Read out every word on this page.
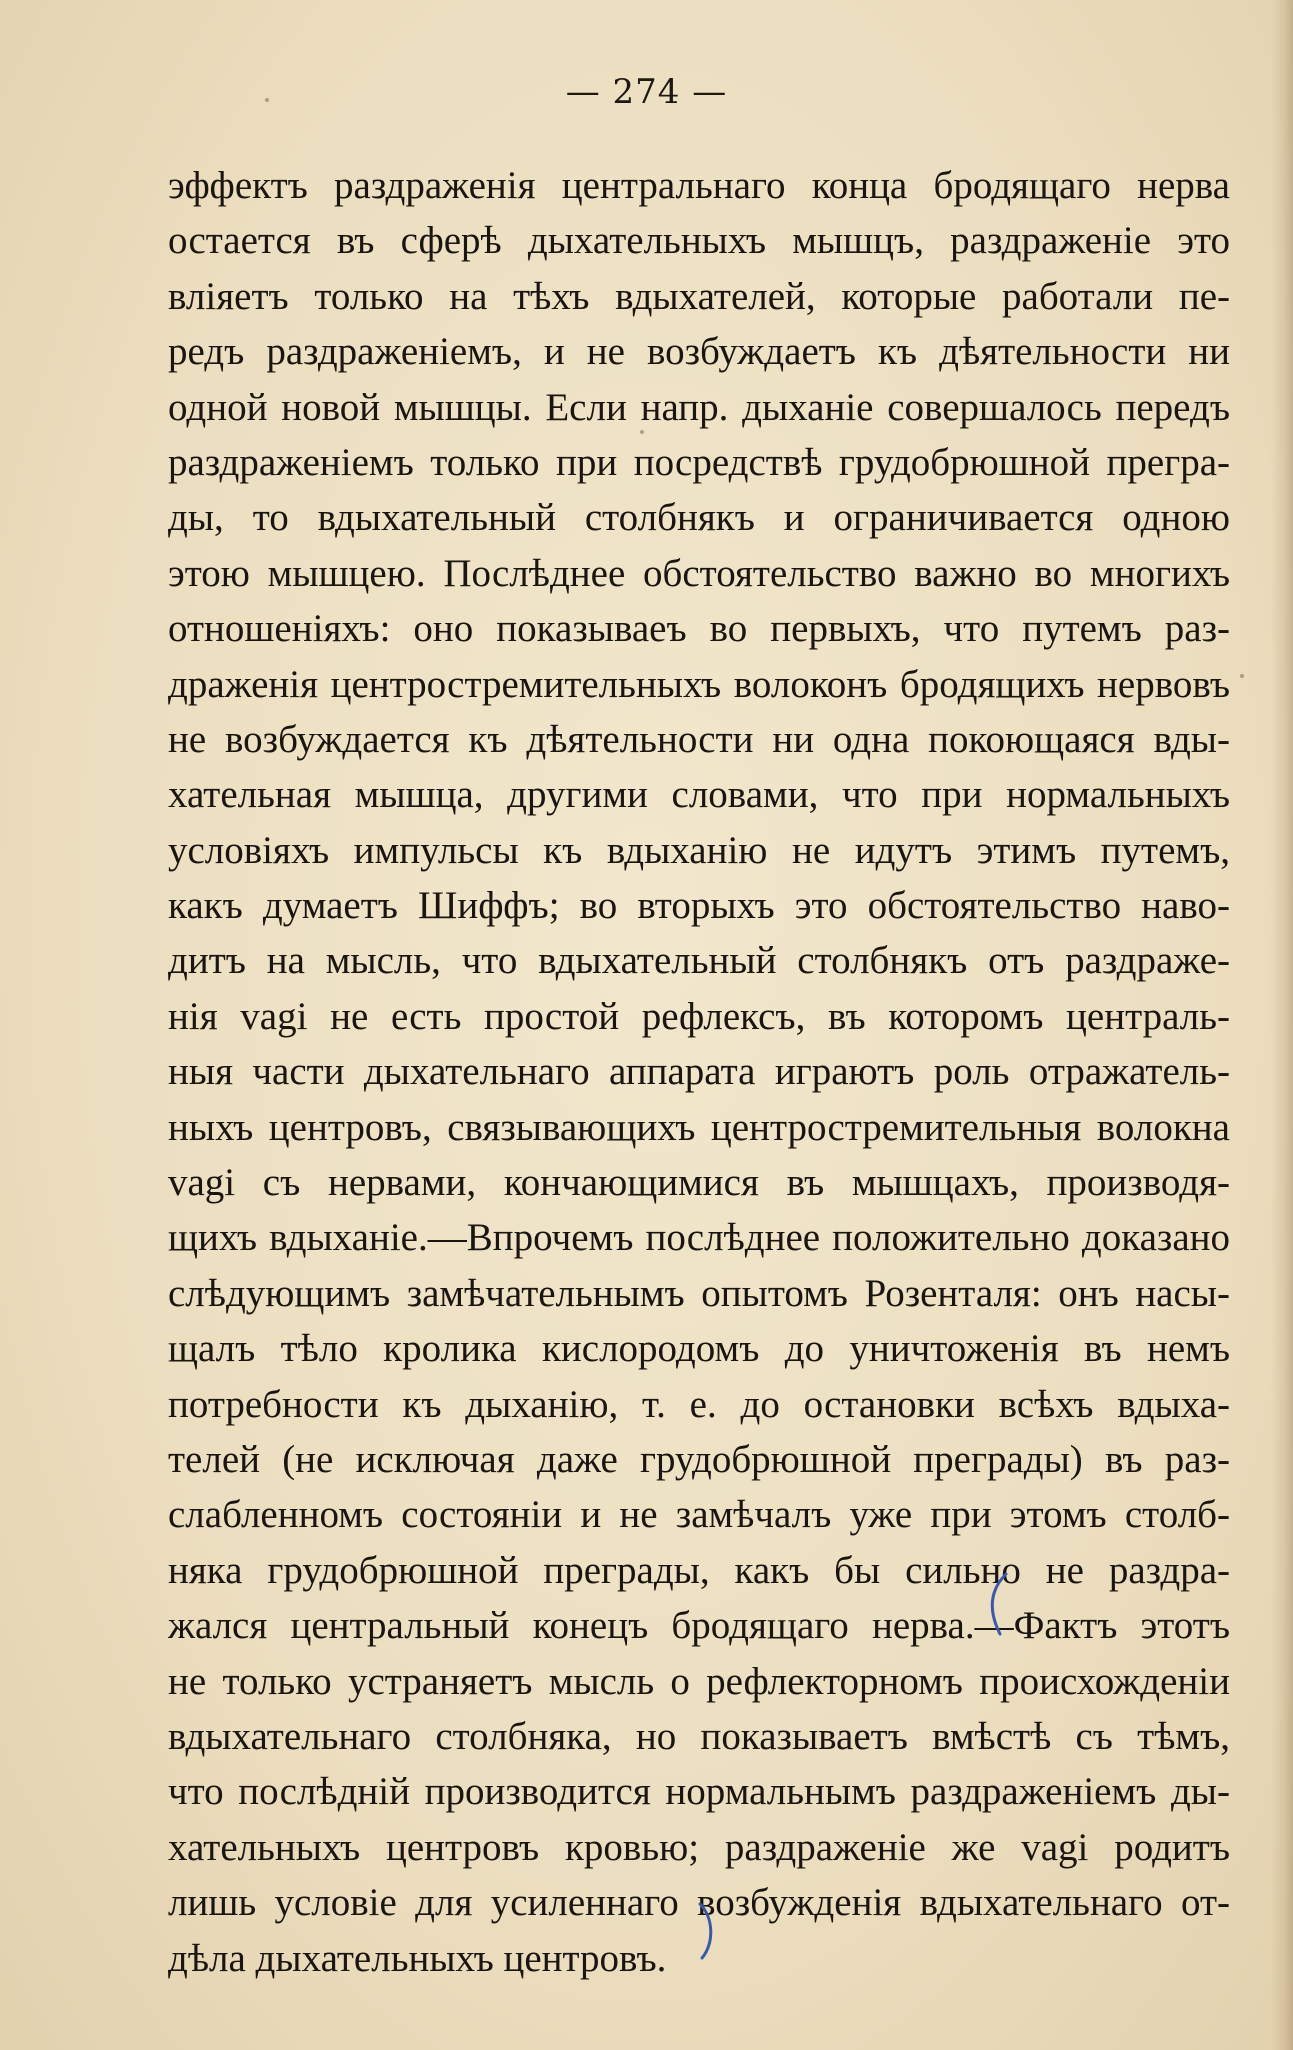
— 274 —
эффектъ раздраженія центральнаго конца бродящаго нерва
остается въ сферѣ дыхательныхъ мышцъ, раздраженіе это
вліяетъ только на тѣхъ вдыхателей, которые работали пе-
редъ раздраженіемъ, и не возбуждаетъ къ дѣятельности ни
одной новой мышцы. Если напр. дыханіе совершалось передъ
раздраженіемъ только при посредствѣ грудобрюшной прегра-
ды, то вдыхательный столбнякъ и ограничивается одною
этою мышцею. Послѣднее обстоятельство важно во многихъ
отношеніяхъ: оно показываеъ во первыхъ, что путемъ раз-
драженія центростремительныхъ волоконъ бродящихъ нервовъ
не возбуждается къ дѣятельности ни одна покоющаяся вды-
хательная мышца, другими словами, что при нормальныхъ
условіяхъ импульсы къ вдыханію не идутъ этимъ путемъ,
какъ думаетъ Шиффъ; во вторыхъ это обстоятельство наво-
дитъ на мысль, что вдыхательный столбнякъ отъ раздраже-
нія vagi не есть простой рефлексъ, въ которомъ централь-
ныя части дыхательнаго аппарата играютъ роль отражатель-
ныхъ центровъ, связывающихъ центростремительныя волокна
vagi съ нервами, кончающимися въ мышцахъ, производя-
щихъ вдыханіе.—Впрочемъ послѣднее положительно доказано
слѣдующимъ замѣчательнымъ опытомъ Розенталя: онъ насы-
щалъ тѣло кролика кислородомъ до уничтоженія въ немъ
потребности къ дыханію, т. е. до остановки всѣхъ вдыха-
телей (не исключая даже грудобрюшной преграды) въ раз-
слабленномъ состояніи и не замѣчалъ уже при этомъ столб-
няка грудобрюшной преграды, какъ бы сильно не раздра-
жался центральный конецъ бродящаго нерва.—Фактъ этотъ
не только устраняетъ мысль о рефлекторномъ происхожденіи
вдыхательнаго столбняка, но показываетъ вмѣстѣ съ тѣмъ,
что послѣдній производится нормальнымъ раздраженіемъ ды-
хательныхъ центровъ кровью; раздраженіе же vagi родитъ
лишь условіе для усиленнаго возбужденія вдыхательнаго от-
дѣла дыхательныхъ центровъ.
